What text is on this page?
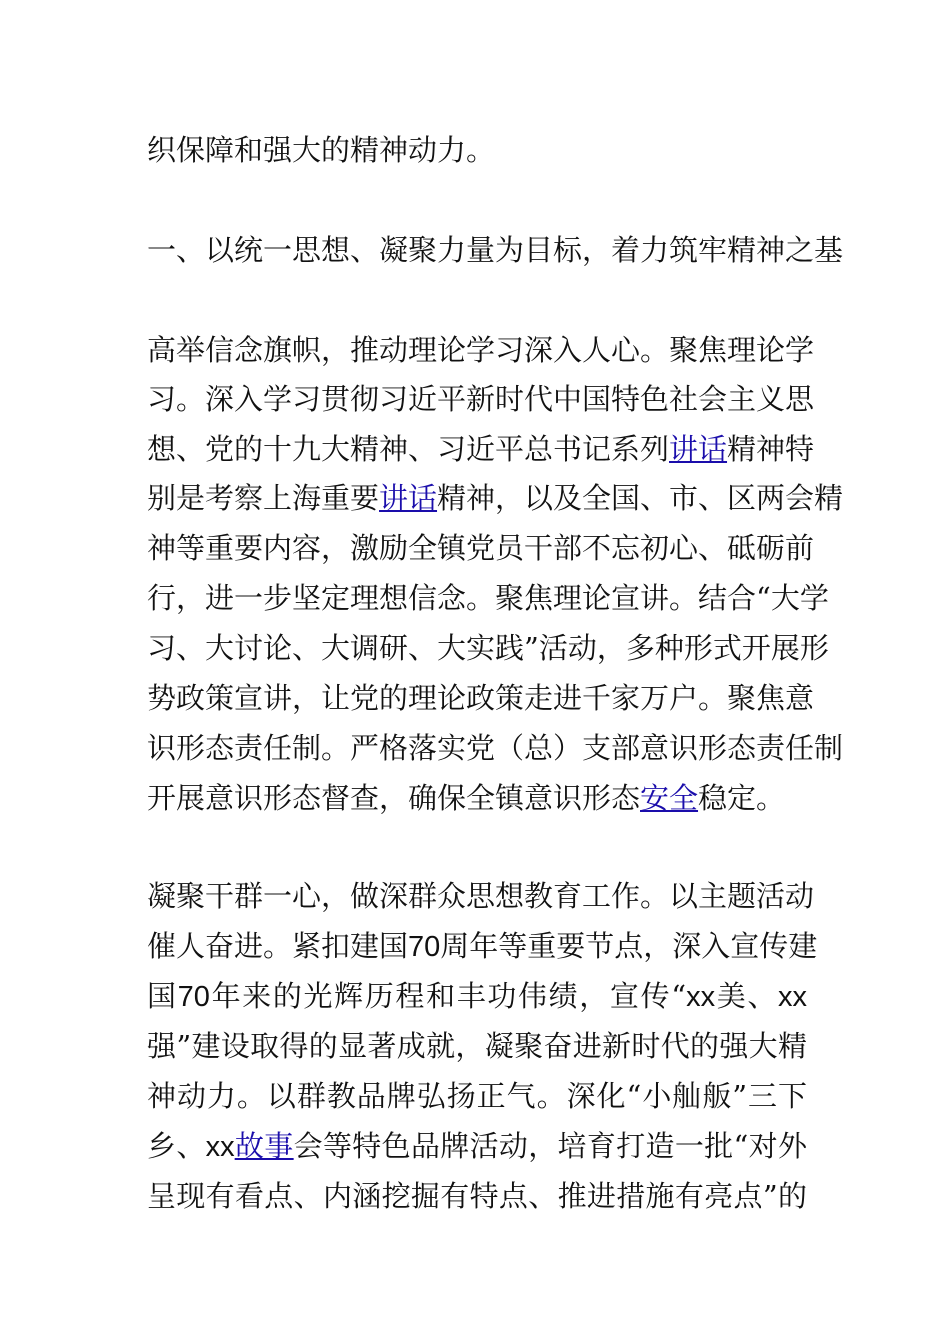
织保障和强大的精神动力。
一、以统一思想、凝聚力量为目标，着力筑牢精神之基
高举信念旗帜，推动理论学习深入人心。聚焦理论学
习。深入学习贯彻习近平新时代中国特色社会主义思
想、党的十九大精神、习近平总书记系列讲话精神特
别是考察上海重要讲话精神，以及全国、市、区两会精
神等重要内容，激励全镇党员干部不忘初心、砥砺前
行，进一步坚定理想信念。聚焦理论宣讲。结合“大学
习、大讨论、大调研、大实践”活动，多种形式开展形
势政策宣讲，让党的理论政策走进千家万户。聚焦意
识形态责任制。严格落实党（总）支部意识形态责任制
开展意识形态督查，确保全镇意识形态安全稳定。
凝聚干群一心，做深群众思想教育工作。以主题活动
催人奋进。紧扣建国70周年等重要节点，深入宣传建
国70年来的光辉历程和丰功伟绩，宣传“xx美、xx
强”建设取得的显著成就，凝聚奋进新时代的强大精
神动力。以群教品牌弘扬正气。深化“小舢舨”三下
乡、xx故事会等特色品牌活动，培育打造一批“对外
呈现有看点、内涵挖掘有特点、推进措施有亮点”的
